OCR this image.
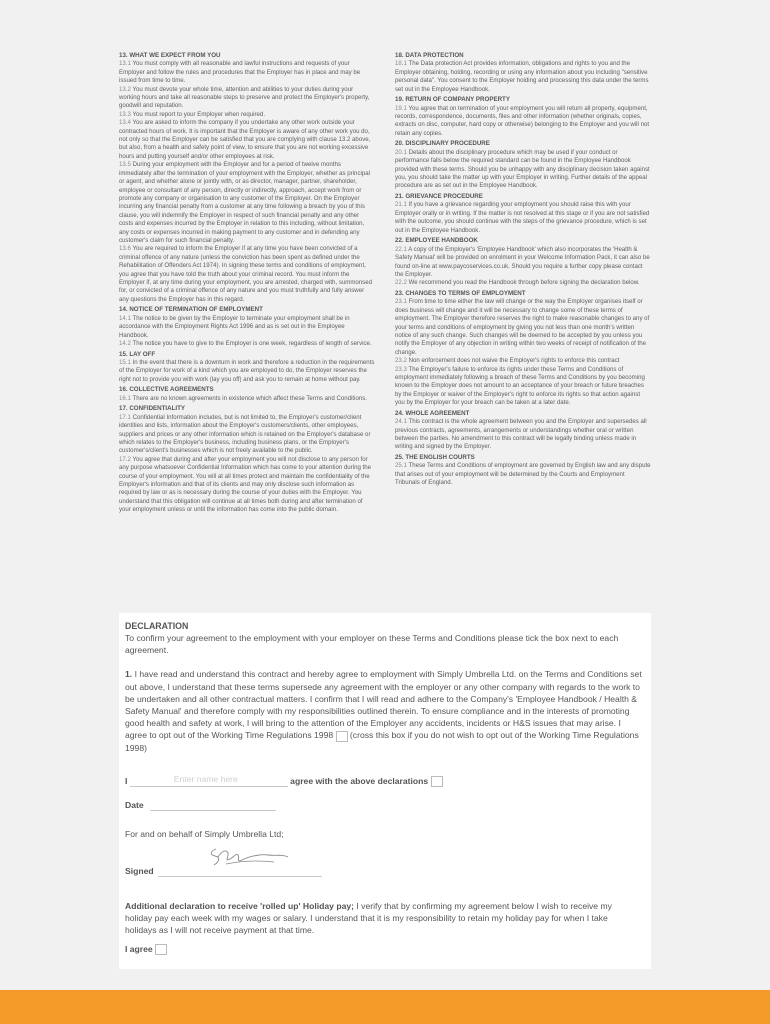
13. WHAT WE EXPECT FROM YOU

13.1 You must comply with all reasonable and lawful instructions and requests of your Employer and follow the rules and procedures that the Employer has in place and may be issued from time to time.

13.2 You must devote your whole time, attention and abilities to your duties during your working hours and take all reasonable steps to preserve and protect the Employer's property, goodwill and reputation.

13.3 You must report to your Employer when required.

13.4 You are asked to inform the company if you undertake any other work outside your contracted hours of work. It is important that the Employer is aware of any other work you do, not only so that the Employer can be satisfied that you are complying with clause 13.2 above, but also, from a health and safety point of view, to ensure that you are not working excessive hours and putting yourself and/or other employees at risk.

13.5 During your employment with the Employer and for a period of twelve months immediately after the termination of your employment with the Employer, whether as principal or agent, and whether alone or jointly with, or as director, manager, partner, shareholder, employee or consultant of any person, directly or indirectly, approach, accept work from or promote any company or organisation to any customer of the Employer. On the Employer incurring any financial penalty from a customer at any time following a breach by you of this clause, you will indemnify the Employer in respect of such financial penalty and any other costs and expenses incurred by the Employer in relation to this including, without limitation, any costs or expenses incurred in making payment to any customer and in defending any customer's claim for such financial penalty.

13.6 You are required to inform the Employer if at any time you have been convicted of a criminal offence of any nature (unless the conviction has been spent as defined under the Rehabilitation of Offenders Act 1974). In signing these terms and conditions of employment, you agree that you have told the truth about your criminal record. You must inform the Employer if, at any time during your employment, you are arrested, charged with, summonsed for, or convicted of a criminal offence of any nature and you must truthfully and fully answer any questions the Employer has in this regard.

14. NOTICE OF TERMINATION OF EMPLOYMENT

14.1 The notice to be given by the Employer to terminate your employment shall be in accordance with the Employment Rights Act 1996 and as is set out in the Employee Handbook.

14.2 The notice you have to give to the Employer is one week, regardless of length of service.

15. LAY OFF

15.1 In the event that there is a downturn in work and therefore a reduction in the requirements of the Employer for work of a kind which you are employed to do, the Employer reserves the right not to provide you with work (lay you off) and ask you to remain at home without pay.

16. COLLECTIVE AGREEMENTS

16.1 There are no known agreements in existence which affect these Terms and Conditions.

17. CONFIDENTIALITY

17.1 Confidential Information includes, but is not limited to, the Employer's customer/client identities and lists, information about the Employer's customers/clients, other employees, suppliers and prices or any other information which is retained on the Employer's database or which relates to the Employer's business, including business plans, or the Employer's customer's/client's businesses which is not freely available to the public.

17.2 You agree that during and after your employment you will not disclose to any person for any purpose whatsoever Confidential Information which has come to your attention during the course of your employment. You will at all times protect and maintain the confidentiality of the Employer's information and that of its clients and may only disclose such information as required by law or as is necessary during the course of your duties with the Employer. You understand that this obligation will continue at all times both during and after termination of your employment unless or until the information has come into the public domain.

18. DATA PROTECTION

18.1 The Data protection Act provides information, obligations and rights to you and the Employer obtaining, holding, recording or using any information about you including "sensitive personal data". You consent to the Employer holding and processing this data under the terms set out in the Employee Handbook.

19. RETURN OF COMPANY PROPERTY

19.1 You agree that on termination of your employment you will return all property, equipment, records, correspondence, documents, files and other information (whether originals, copies, extracts on disc, computer, hard copy or otherwise) belonging to the Employer and you will not retain any copies.

20. DISCIPLINARY PROCEDURE

20.1 Details about the disciplinary procedure which may be used if your conduct or performance falls below the required standard can be found in the Employee Handbook provided with these terms. Should you be unhappy with any disciplinary decision taken against you, you should take the matter up with your Employer in writing. Further details of the appeal procedure are as set out in the Employee Handbook.

21. GRIEVANCE PROCEDURE

21.1 If you have a grievance regarding your employment you should raise this with your Employer orally or in writing. If the matter is not resolved at this stage or if you are not satisfied with the outcome, you should continue with the steps of the grievance procedure, which is set out in the Employee Handbook.

22. EMPLOYEE HANDBOOK

22.1 A copy of the Employer's 'Employee Handbook' which also incorporates the 'Health & Safety Manual' will be provided on enrolment in your Welcome Information Pack, it can also be found on-line at www.paycoservices.co.uk. Should you require a further copy please contact the Employer.

22.2 We recommend you read the Handbook through before signing the declaration below.

23. CHANGES TO TERMS OF EMPLOYMENT

23.1 From time to time either the law will change or the way the Employer organises itself or does business will change and it will be necessary to change some of these terms of employment. The Employer therefore reserves the right to make reasonable changes to any of your terms and conditions of employment by giving you not less than one month's written notice of any such change. Such changes will be deemed to be accepted by you unless you notify the Employer of any objection in writing within two weeks of receipt of notification of the change.

23.2 Non enforcement does not waive the Employer's rights to enforce this contract

23.3 The Employer's failure to enforce its rights under these Terms and Conditions of employment immediately following a breach of these Terms and Conditions by you becoming known to the Employer does not amount to an acceptance of your breach or future breaches by the Employer or waiver of the Employer's right to enforce its rights so that action against you by the Employer for your breach can be taken at a later date.

24. WHOLE AGREEMENT

24.1 This contract is the whole agreement between you and the Employer and supersedes all previous contracts, agreements, arrangements or understandings whether oral or written between the parties. No amendment to this contract will be legally binding unless made in writing and signed by the Employer.

25. THE ENGLISH COURTS

25.1 These Terms and Conditions of employment are governed by English law and any dispute that arises out of your employment will be determined by the Courts and Employment Tribunals of England.

DECLARATION

To confirm your agreement to the employment with your employer on these Terms and Conditions please tick the box next to each agreement.

1. I have read and understand this contract and hereby agree to employment with Simply Umbrella Ltd. on the Terms and Conditions set out above, I understand that these terms supersede any agreement with the employer or any other company with regards to the work to be undertaken and all other contractual matters. I confirm that I will read and adhere to the Company's 'Employee Handbook / Health & Safety Manual' and therefore comply with my responsibilities outlined therein. To ensure compliance and in the interests of promoting good health and safety at work, I will bring to the attention of the Employer any accidents, incidents or H&S issues that may arise. I agree to opt out of the Working Time Regulations 1998 (cross this box if you do not wish to opt out of the Working Time Regulations 1998)

I	Enter name here	agree with the above declarations
Date
For and on behalf of Simply Umbrella Ltd;
Signed

Additional declaration to receive 'rolled up' Holiday pay; I verify that by confirming my agreement below I wish to receive my holiday pay each week with my wages or salary. I understand that it is my responsibility to retain my holiday pay for when I take holidays as I will not receive payment at that time.

I agree
